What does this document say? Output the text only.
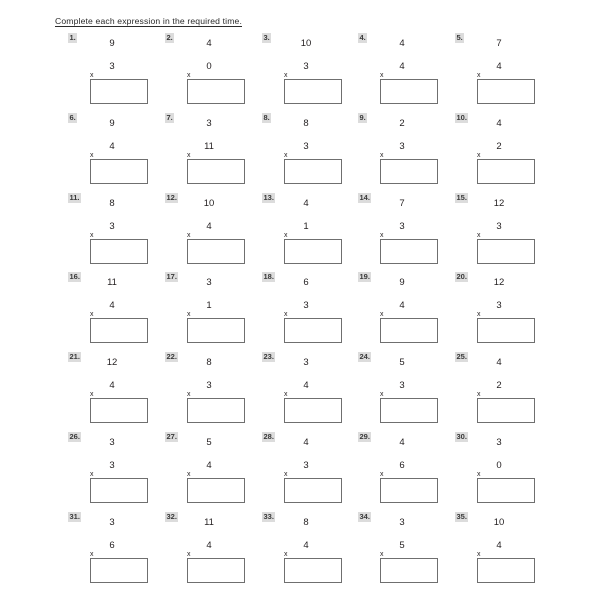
Complete each expression in the required time.
1.
9
3
x
2.
4
0
x
3.
10
3
x
4.
4
4
x
5.
7
4
x
6.
9
4
x
7.
3
11
x
8.
8
3
x
9.
2
3
x
10.
4
2
x
11.
8
3
x
12.
10
4
x
13.
4
1
x
14.
7
3
x
15.
12
3
x
16.
11
4
x
17.
3
1
x
18.
6
3
x
19.
9
4
x
20.
12
3
x
21.
12
4
x
22.
8
3
x
23.
3
4
x
24.
5
3
x
25.
4
2
x
26.
3
3
x
27.
5
4
x
28.
4
3
x
29.
4
6
x
30.
3
0
x
31.
3
6
x
32.
11
4
x
33.
8
4
x
34.
3
5
x
35.
10
4
x
